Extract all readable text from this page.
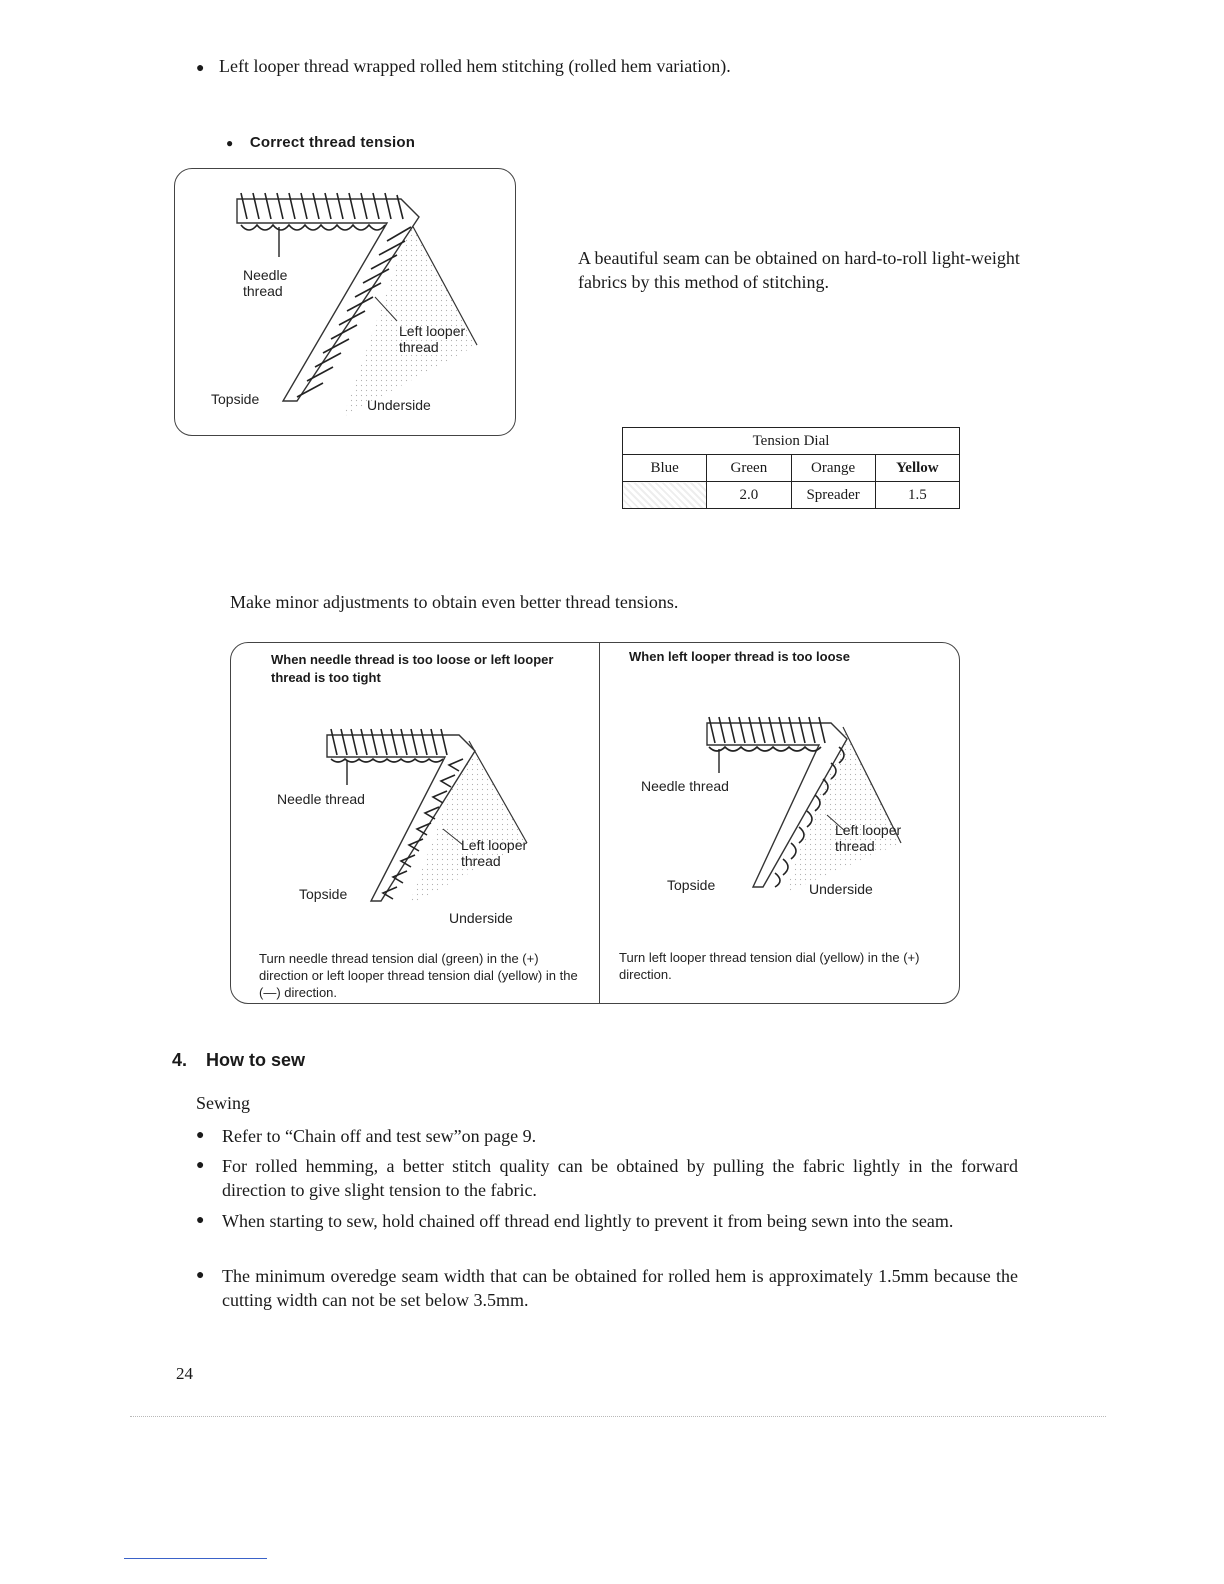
● Left looper thread wrapped rolled hem stitching (rolled hem variation).
● Correct thread tension
Needle
thread
Left looper
thread
Topside	Underside
A beautiful seam can be obtained on hard-to-roll light-weight fabrics by this method of stitching.
Tension Dial			
Blue	Green	Orange	Yellow
	2.0	Spreader	1.5
Make minor adjustments to obtain even better thread tensions.
When needle thread is too loose or left looper thread is too tight
Needle thread
Left looper
thread
Topside
Underside
Turn needle thread tension dial (green) in the (+) direction or left looper thread tension dial (yellow) in the (—) direction.
When left looper thread is too loose
Needle thread
Left looper
thread
Topside	Underside
Turn left looper thread tension dial (yellow) in the (+) direction.
4. How to sew
Sewing
● Refer to “Chain off and test sew”on page 9.
● For rolled hemming, a better stitch quality can be obtained by pulling the fabric lightly in the forward direction to give slight tension to the fabric.
● When starting to sew, hold chained off thread end lightly to prevent it from being sewn into the seam.
● The minimum overedge seam width that can be obtained for rolled hem is approximately 1.5mm because the cutting width can not be set below 3.5mm.
24
